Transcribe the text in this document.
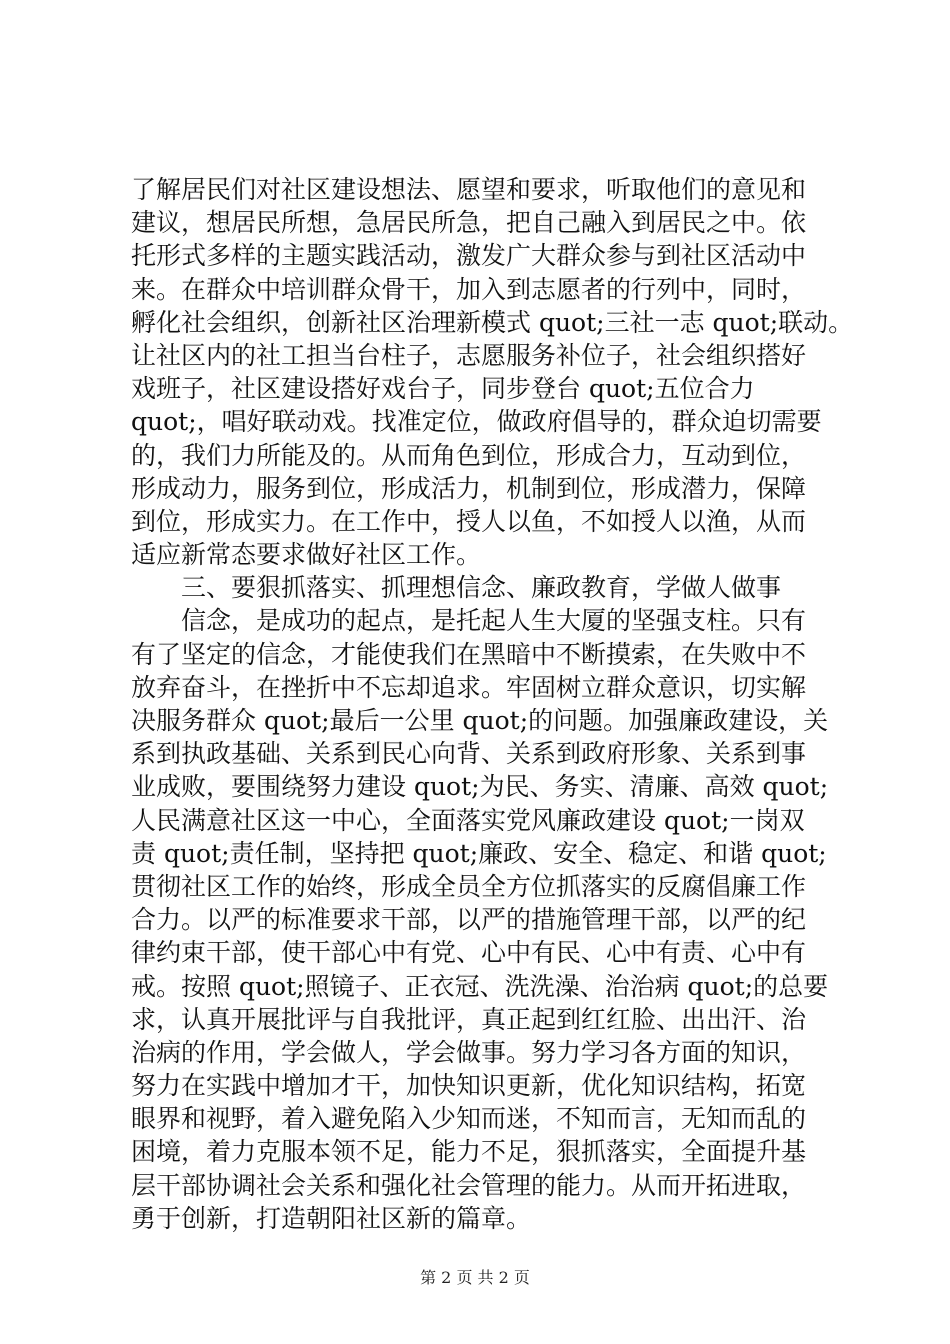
了解居民们对社区建设想法、愿望和要求，听取他们的意见和
建议，想居民所想，急居民所急，把自己融入到居民之中。依
托形式多样的主题实践活动，激发广大群众参与到社区活动中
来。在群众中培训群众骨干，加入到志愿者的行列中，同时，
孵化社会组织，创新社区治理新模式 quot;三社一志 quot;联动。
让社区内的社工担当台柱子，志愿服务补位子，社会组织搭好
戏班子，社区建设搭好戏台子，同步登台 quot;五位合力
quot;，唱好联动戏。找准定位，做政府倡导的，群众迫切需要
的，我们力所能及的。从而角色到位，形成合力，互动到位，
形成动力，服务到位，形成活力，机制到位，形成潜力，保障
到位，形成实力。在工作中，授人以鱼，不如授人以渔，从而
适应新常态要求做好社区工作。
　　三、要狠抓落实、抓理想信念、廉政教育，学做人做事
　　信念，是成功的起点，是托起人生大厦的坚强支柱。只有
有了坚定的信念，才能使我们在黑暗中不断摸索，在失败中不
放弃奋斗，在挫折中不忘却追求。牢固树立群众意识，切实解
决服务群众 quot;最后一公里 quot;的问题。加强廉政建设，关
系到执政基础、关系到民心向背、关系到政府形象、关系到事
业成败，要围绕努力建设 quot;为民、务实、清廉、高效 quot;
人民满意社区这一中心，全面落实党风廉政建设 quot;一岗双
责 quot;责任制，坚持把 quot;廉政、安全、稳定、和谐 quot;
贯彻社区工作的始终，形成全员全方位抓落实的反腐倡廉工作
合力。以严的标准要求干部，以严的措施管理干部，以严的纪
律约束干部，使干部心中有党、心中有民、心中有责、心中有
戒。按照 quot;照镜子、正衣冠、洗洗澡、治治病 quot;的总要
求，认真开展批评与自我批评，真正起到红红脸、出出汗、治
治病的作用，学会做人，学会做事。努力学习各方面的知识，
努力在实践中增加才干，加快知识更新，优化知识结构，拓宽
眼界和视野，着入避免陷入少知而迷，不知而言，无知而乱的
困境，着力克服本领不足，能力不足，狠抓落实，全面提升基
层干部协调社会关系和强化社会管理的能力。从而开拓进取，
勇于创新，打造朝阳社区新的篇章。
第 2 页 共 2 页
